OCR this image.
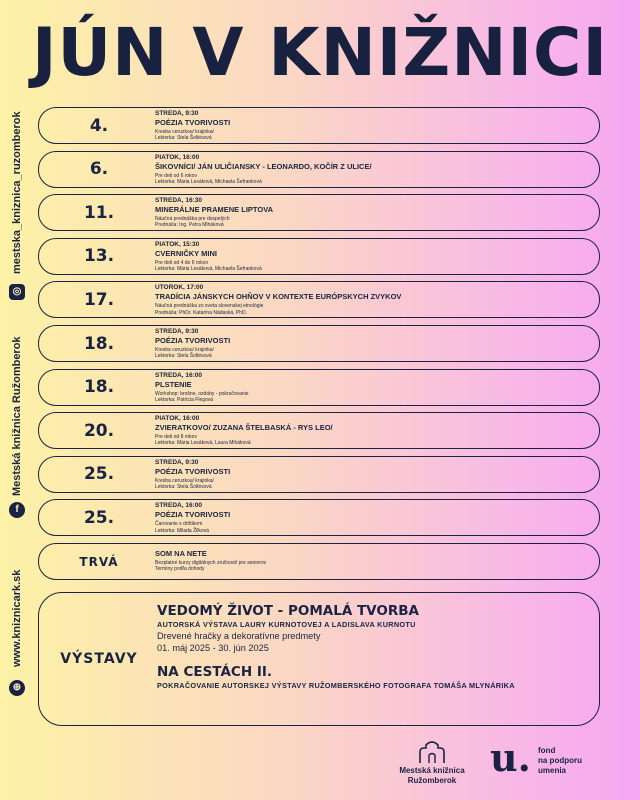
JÚN V KNIŽNICI
mestska_kniznica_ruzomberok
◎
Mestská knižnica Ružomberok
f
www.kniznicark.sk
⊕
4.
STREDA, 9:30
POÉZIA TVORIVOSTI
Kresba ceruzkou/ krajinka/
Lektorka: Stela Šoltésová
6.
PIATOK, 16:00
ŠIKOVNÍCI/ JÁN ULIČIANSKY - LEONARDO, KOČÍR Z ULICE/
Pre deti od 6 rokov
Lektorka: Mária Lesáková, Michaela Šefranková
11.
STREDA, 16:30
MINERÁLNE PRAMENE LIPTOVA
Náučná prednáška pre dospelých
Prednáša: Ing. Petra Miháková
13.
PIATOK, 15:30
CVERNIČKY MINI
Pre deti od 4 do 6 rokov
Lektorka: Mária Lesáková, Michaela Šefranková
17.
UTOROK, 17:00
TRADÍCIA JÁNSKYCH OHŇOV V KONTEXTE EURÓPSKYCH ZVYKOV
Náučná prednáška zo sveta slovenskej etnológie
Prednáša: PhDr. Katarína Nádaská, PhD.
18.
STREDA, 9:30
POÉZIA TVORIVOSTI
Kresba ceruzkou/ krajinka/
Lektorka: Stela Šoltésová
18.
STREDA, 16:00
PLSTENIE
Workshop: brošne, ozdoby - pokračovanie
Lektorka: Patrícia Flegová
20.
PIATOK, 16:00
ZVIERATKOVO/ ZUZANA ŠTELBASKÁ - RYS LEO/
Pre deti od 8 rokov
Lektorka: Mária Lesáková, Laura Miháková
25.
STREDA, 9:30
POÉZIA TVORIVOSTI
Kresba ceruzkou/ krajinka/
Lektorka: Stela Šoltésová
25.
STREDA, 16:00
POÉZIA TVORIVOSTI
Čarovanie s drôtikom
Lektorka: Milada Žilková
TRVÁ
SOM NA NETE
Bezplatné kurzy digitálnych zručností pre seniorov
Termíny podľa dohody
VÝSTAVY
VEDOMÝ ŽIVOT - POMALÁ TVORBA
AUTORSKÁ VÝSTAVA LAURY KURNOTOVEJ A LADISLAVA KURNOTU
Drevené hračky a dekoratívne predmety
01. máj 2025 - 30. jún 2025
NA CESTÁCH II.
POKRAČOVANIE AUTORSKEJ VÝSTAVY RUŽOMBERSKÉHO FOTOGRAFA TOMÁŠA MLYNÁRIKA
Mestská knižnica
Ružomberok
u. fond
na podporu
umenia
